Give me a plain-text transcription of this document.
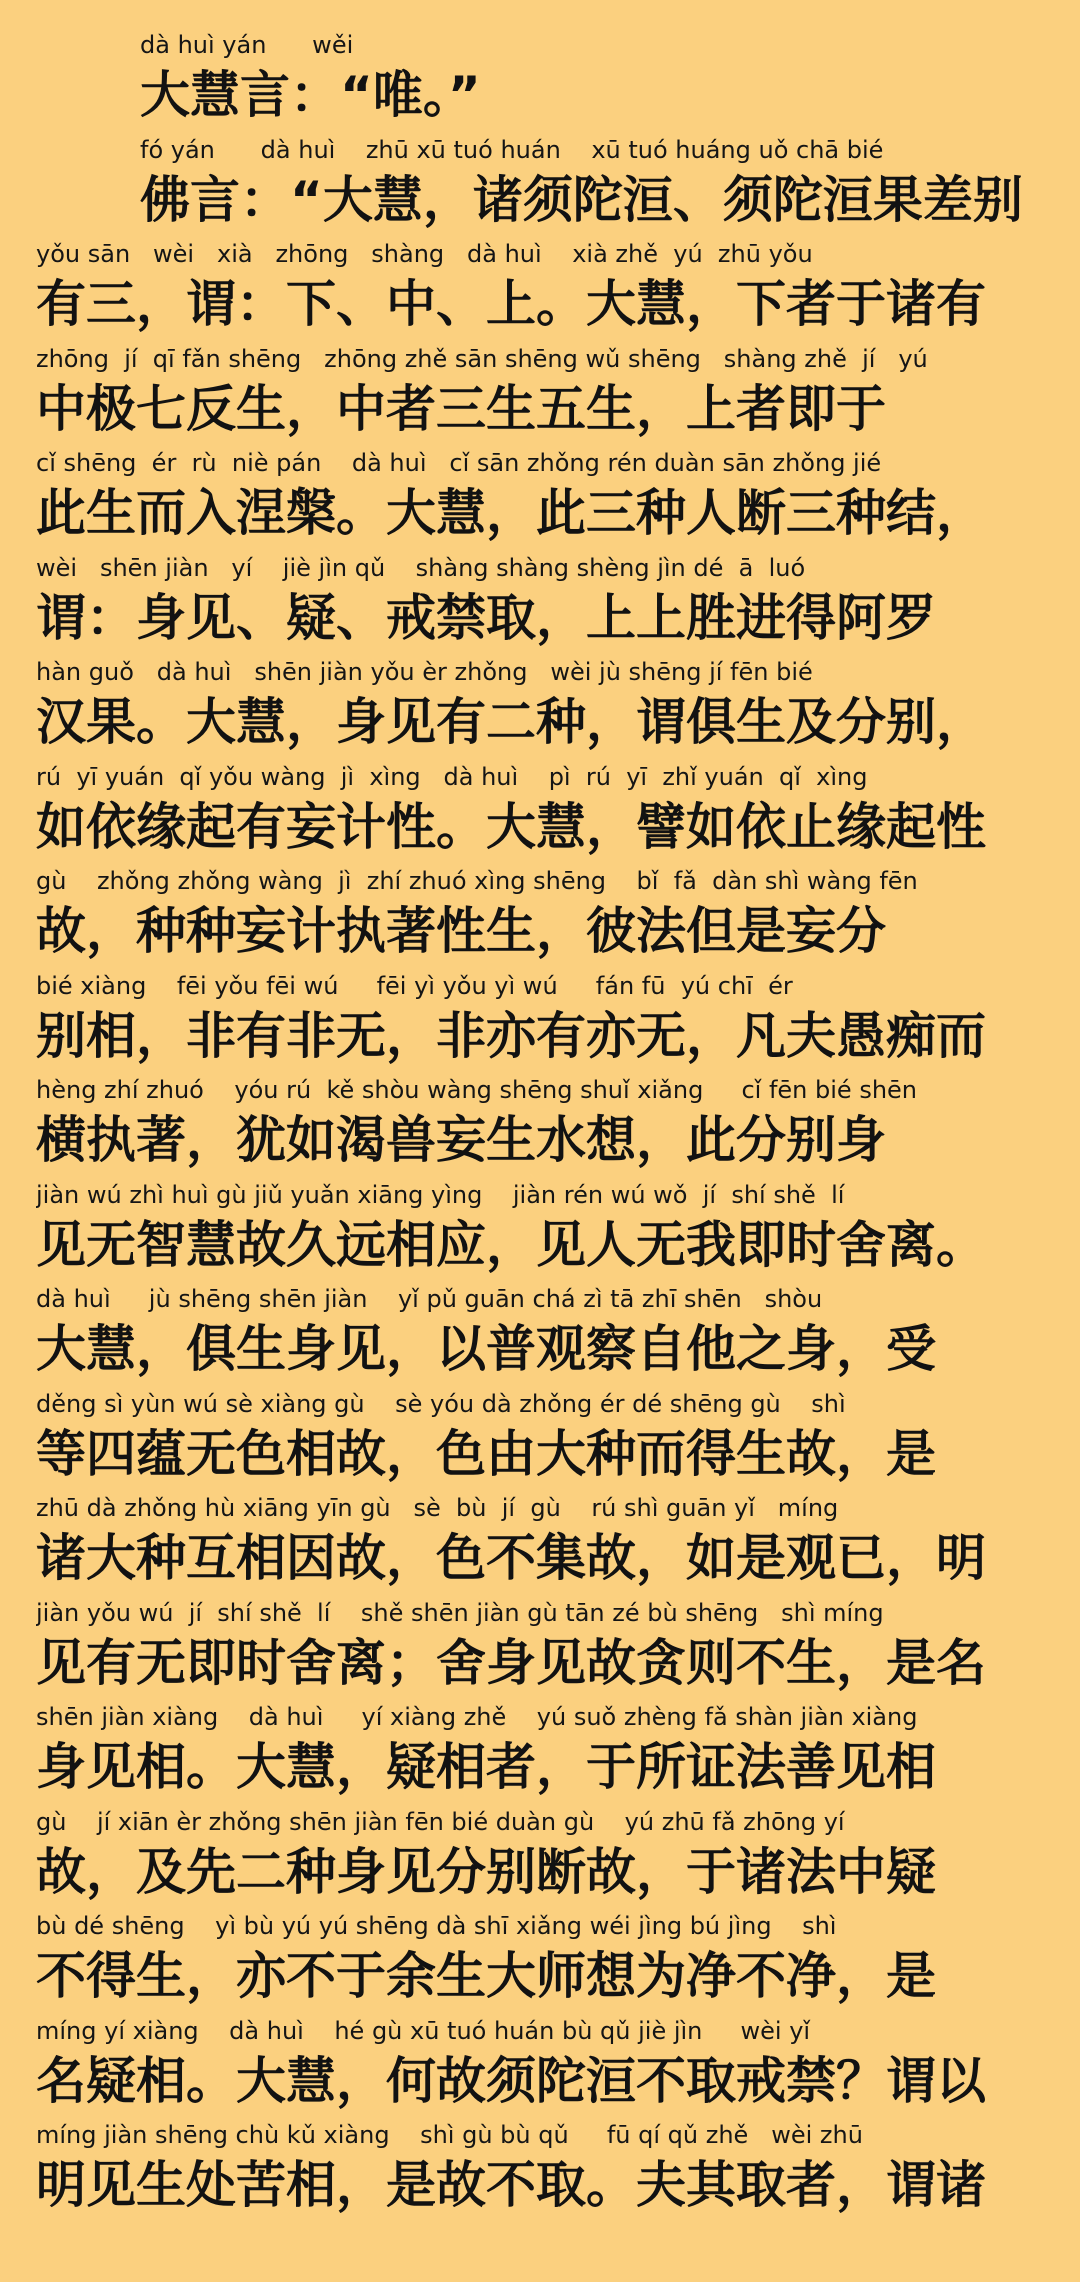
dà huì yán      wěi
大慧言：“唯。”
fó yán      dà huì    zhū xū tuó huán    xū tuó huáng uǒ chā bié
佛言：“大慧，诸须陀洹、须陀洹果差别
yǒu sān   wèi   xià   zhōng   shàng   dà huì    xià zhě  yú  zhū yǒu
有三，谓：下、中、上。大慧，下者于诸有
zhōng  jí  qī fǎn shēng   zhōng zhě sān shēng wǔ shēng   shàng zhě  jí   yú
中极七反生，中者三生五生，上者即于
cǐ shēng  ér  rù  niè pán    dà huì   cǐ sān zhǒng rén duàn sān zhǒng jié
此生而入涅槃。大慧，此三种人断三种结，
wèi   shēn jiàn   yí    jiè jìn qǔ    shàng shàng shèng jìn dé  ā  luó
谓：身见、疑、戒禁取，上上胜进得阿罗
hàn guǒ   dà huì   shēn jiàn yǒu èr zhǒng   wèi jù shēng jí fēn bié
汉果。大慧，身见有二种，谓俱生及分别，
rú  yī yuán  qǐ yǒu wàng  jì  xìng   dà huì    pì  rú  yī  zhǐ yuán  qǐ  xìng
如依缘起有妄计性。大慧，譬如依止缘起性
gù    zhǒng zhǒng wàng  jì  zhí zhuó xìng shēng    bǐ  fǎ  dàn shì wàng fēn
故，种种妄计执著性生，彼法但是妄分
bié xiàng    fēi yǒu fēi wú     fēi yì yǒu yì wú     fán fū  yú chī  ér
别相，非有非无，非亦有亦无，凡夫愚痴而
hèng zhí zhuó    yóu rú  kě shòu wàng shēng shuǐ xiǎng     cǐ fēn bié shēn
横执著，犹如渴兽妄生水想，此分别身
jiàn wú zhì huì gù jiǔ yuǎn xiāng yìng    jiàn rén wú wǒ  jí  shí shě  lí
见无智慧故久远相应，见人无我即时舍离。
dà huì     jù shēng shēn jiàn    yǐ pǔ guān chá zì tā zhī shēn   shòu
大慧，俱生身见，以普观察自他之身，受
děng sì yùn wú sè xiàng gù    sè yóu dà zhǒng ér dé shēng gù    shì
等四蕴无色相故，色由大种而得生故，是
zhū dà zhǒng hù xiāng yīn gù   sè  bù  jí  gù    rú shì guān yǐ   míng
诸大种互相因故，色不集故，如是观已，明
jiàn yǒu wú  jí  shí shě  lí    shě shēn jiàn gù tān zé bù shēng   shì míng
见有无即时舍离；舍身见故贪则不生，是名
shēn jiàn xiàng    dà huì     yí xiàng zhě    yú suǒ zhèng fǎ shàn jiàn xiàng
身见相。大慧，疑相者，于所证法善见相
gù    jí xiān èr zhǒng shēn jiàn fēn bié duàn gù    yú zhū fǎ zhōng yí
故，及先二种身见分别断故，于诸法中疑
bù dé shēng    yì bù yú yú shēng dà shī xiǎng wéi jìng bú jìng    shì
不得生，亦不于余生大师想为净不净，是
míng yí xiàng    dà huì    hé gù xū tuó huán bù qǔ jiè jìn     wèi yǐ
名疑相。大慧，何故须陀洹不取戒禁？谓以
míng jiàn shēng chù kǔ xiàng    shì gù bù qǔ     fū qí qǔ zhě   wèi zhū
明见生处苦相，是故不取。夫其取者，谓诸
